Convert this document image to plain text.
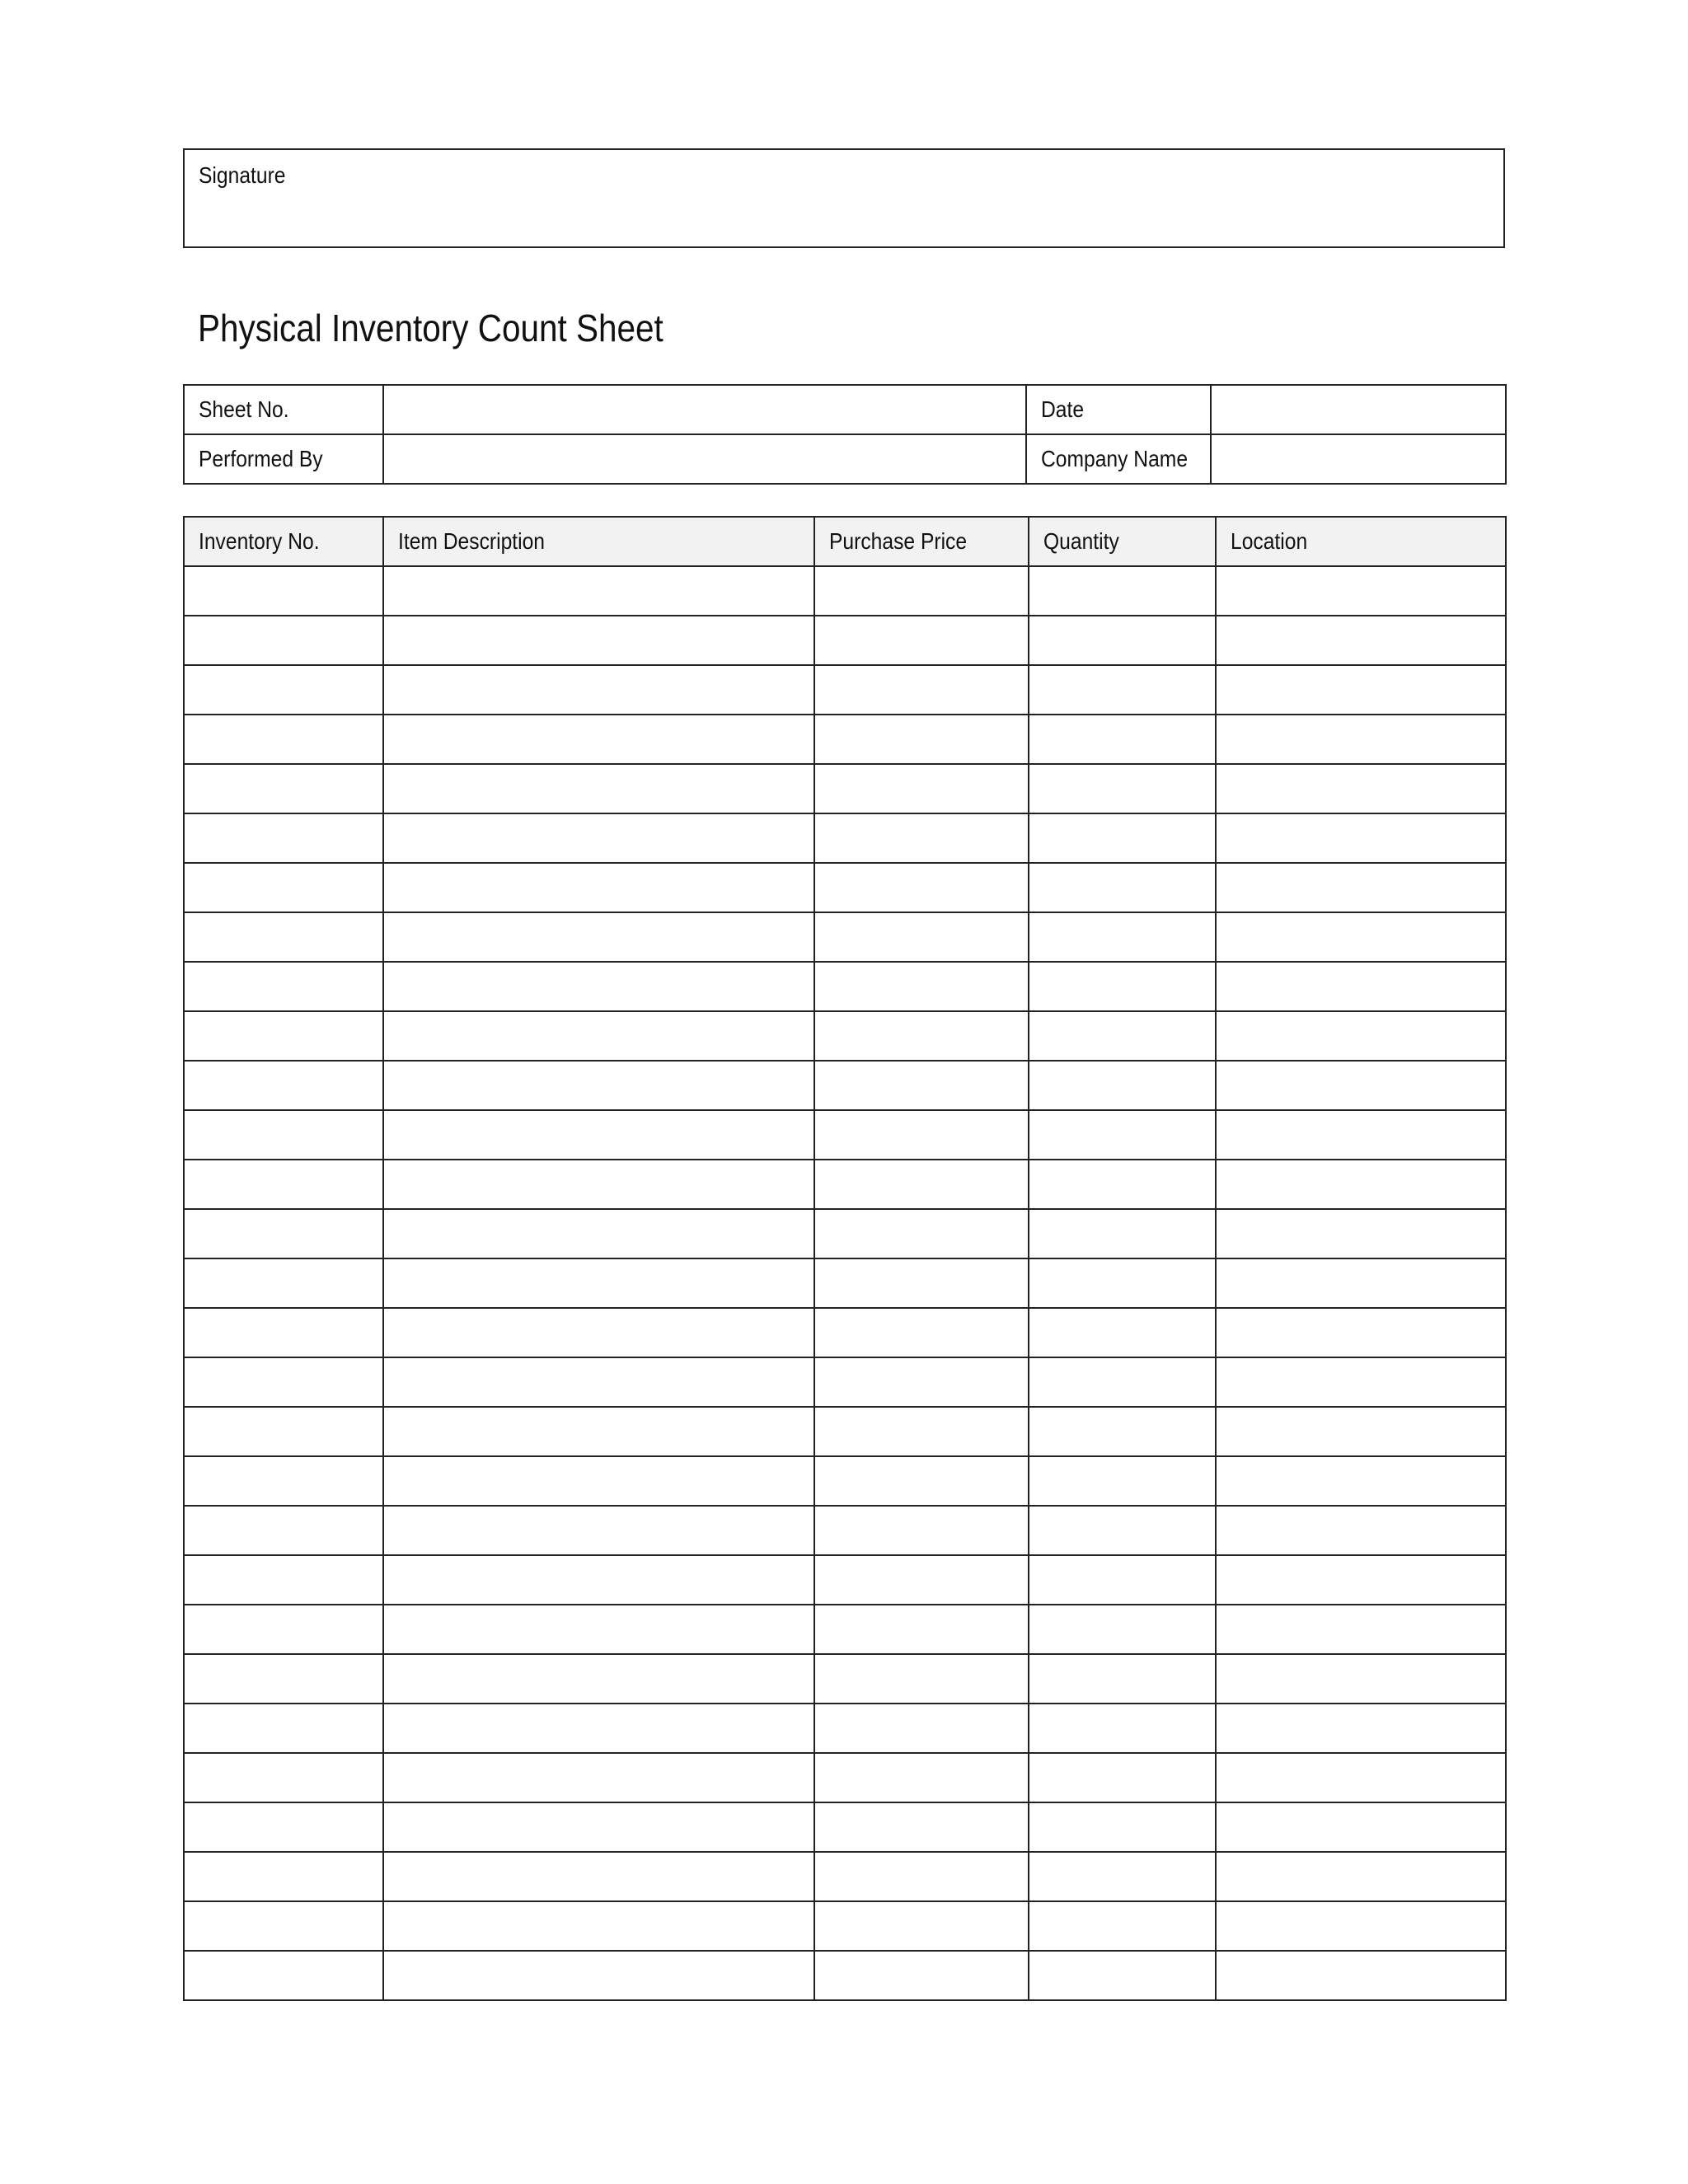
Signature
Physical Inventory Count Sheet
Sheet No.		Date	
Performed By		Company Name	
Inventory No.	Item Description	Purchase Price	Quantity	Location
